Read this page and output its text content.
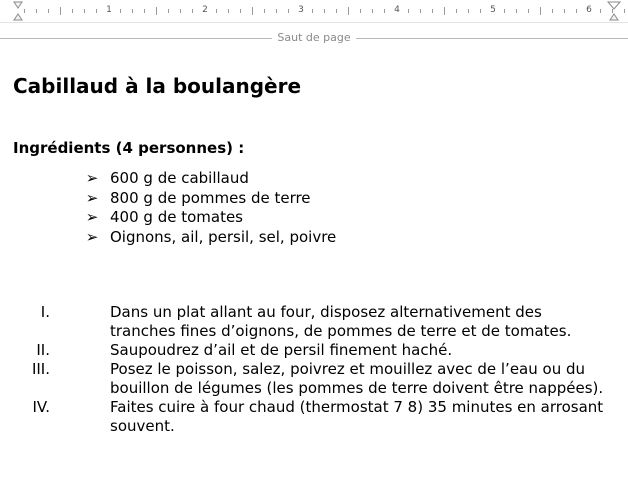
1	2	3	4	5	6
Saut de page
Cabillaud à la boulangère
Ingrédients (4 personnes) :
➢ 600 g de cabillaud
➢ 800 g de pommes de terre
➢ 400 g de tomates
➢ Oignons, ail, persil, sel, poivre
I.	Dans un plat allant au four, disposez alternativement des tranches fines d’oignons, de pommes de terre et de tomates.
II.	Saupoudrez d’ail et de persil finement haché.
III.	Posez le poisson, salez, poivrez et mouillez avec de l’eau ou du bouillon de légumes (les pommes de terre doivent être nappées).
IV.	Faites cuire à four chaud (thermostat 7 8) 35 minutes en arrosant souvent.
